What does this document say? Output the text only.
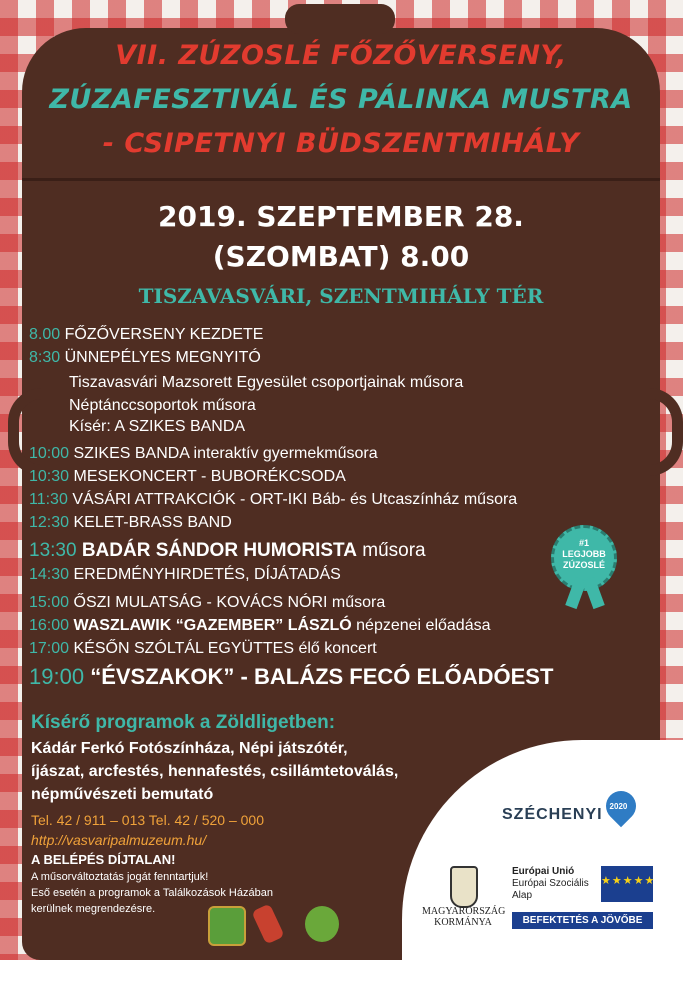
VII. ZÚZOSLÉ FŐZŐVERSENY,
ZÚZAFESZTIVÁL ÉS PÁLINKA MUSTRA
- CSIPETNYI BÜDSZENTMIHÁLY
2019. SZEPTEMBER 28.
(SZOMBAT) 8.00
TISZAVASVÁRI, SZENTMIHÁLY TÉR
8.00 FŐZŐVERSENY KEZDETE
8:30 ÜNNEPÉLYES MEGNYITÓ
Tiszavasvári Mazsorett Egyesület csoportjainak műsora
Néptánccsoportok műsora
Kísér: A SZIKES BANDA
10:00 SZIKES BANDA interaktív gyermekműsora
10:30 MESEKONCERT - BUBORÉKCSODA
11:30 VÁSÁRI ATTRAKCIÓK - ORT-IKI Báb- és Utcaszínház műsora
12:30 KELET-BRASS BAND
13:30 BADÁR SÁNDOR HUMORISTA műsora
14:30 EREDMÉNYHIRDETÉS, DÍJÁTADÁS
15:00 ŐSZI MULATSÁG - KOVÁCS NÓRI műsora
16:00 WASZLAWIK “GAZEMBER” LÁSZLÓ népzenei előadása
17:00 KÉSŐN SZÓLTÁL EGYÜTTES élő koncert
19:00 “ÉVSZAKOK” - BALÁZS FECÓ ELŐADÓEST
#1
LEGJOBB
ZÚZOSLÉ
Kísérő programok a Zöldligetben:
Kádár Ferkó Fotószínháza, Népi játszótér,
íjászat, arcfestés, hennafestés, csillámtetoválás,
népművészeti bemutató
Tel. 42 / 911 – 013 Tel. 42 / 520 – 000
http://vasvaripalmuzeum.hu/
A BELÉPÉS DÍJTALAN!
A műsorváltoztatás jogát fenntartjuk!
Eső esetén a programok a Találkozások Házában
kerülnek megrendezésre.
SZÉCHENYI 2020
MAGYARORSZÁG
KORMÁNYA
Európai Unió
Európai Szociális
Alap
★★★★★
BEFEKTETÉS A JÖVŐBE
